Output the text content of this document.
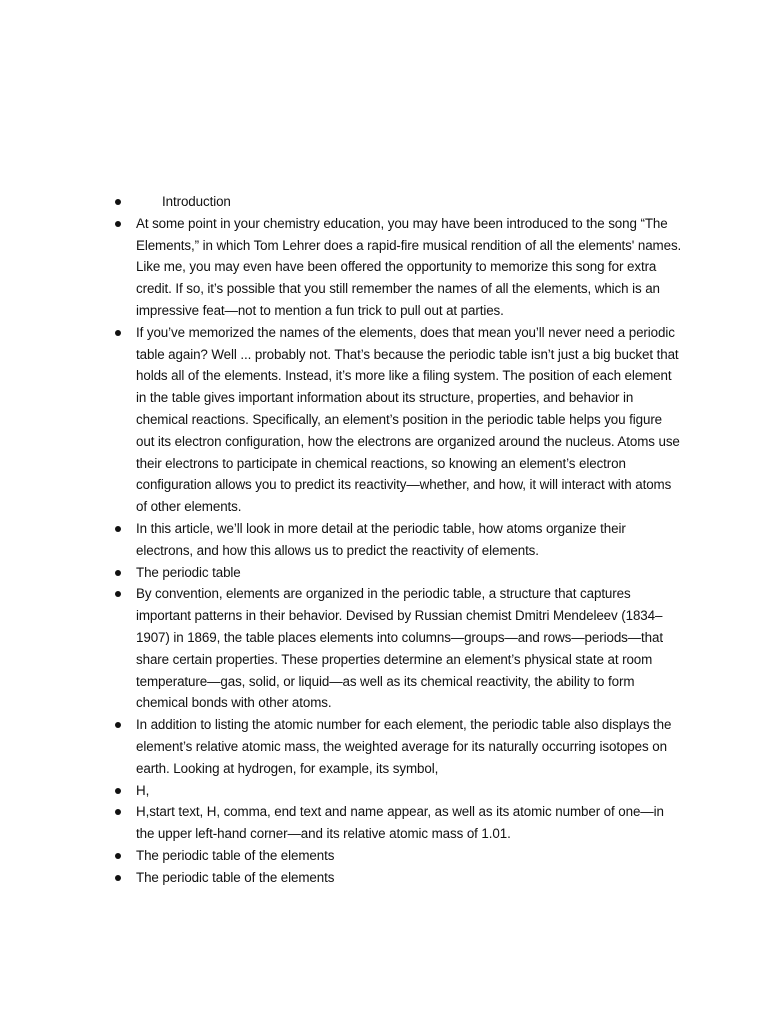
Introduction
At some point in your chemistry education, you may have been introduced to the song “The Elements,” in which Tom Lehrer does a rapid-fire musical rendition of all the elements' names. Like me, you may even have been offered the opportunity to memorize this song for extra credit. If so, it’s possible that you still remember the names of all the elements, which is an impressive feat—not to mention a fun trick to pull out at parties.
If you’ve memorized the names of the elements, does that mean you’ll never need a periodic table again? Well ... probably not. That’s because the periodic table isn’t just a big bucket that holds all of the elements. Instead, it’s more like a filing system. The position of each element in the table gives important information about its structure, properties, and behavior in chemical reactions. Specifically, an element’s position in the periodic table helps you figure out its electron configuration, how the electrons are organized around the nucleus. Atoms use their electrons to participate in chemical reactions, so knowing an element’s electron configuration allows you to predict its reactivity—whether, and how, it will interact with atoms of other elements.
In this article, we’ll look in more detail at the periodic table, how atoms organize their electrons, and how this allows us to predict the reactivity of elements.
The periodic table
By convention, elements are organized in the periodic table, a structure that captures important patterns in their behavior. Devised by Russian chemist Dmitri Mendeleev (1834–1907) in 1869, the table places elements into columns—groups—and rows—periods—that share certain properties. These properties determine an element’s physical state at room temperature—gas, solid, or liquid—as well as its chemical reactivity, the ability to form chemical bonds with other atoms.
In addition to listing the atomic number for each element, the periodic table also displays the element’s relative atomic mass, the weighted average for its naturally occurring isotopes on earth. Looking at hydrogen, for example, its symbol,
H,
H,start text, H, comma, end text and name appear, as well as its atomic number of one—in the upper left-hand corner—and its relative atomic mass of 1.01.
The periodic table of the elements
The periodic table of the elements
